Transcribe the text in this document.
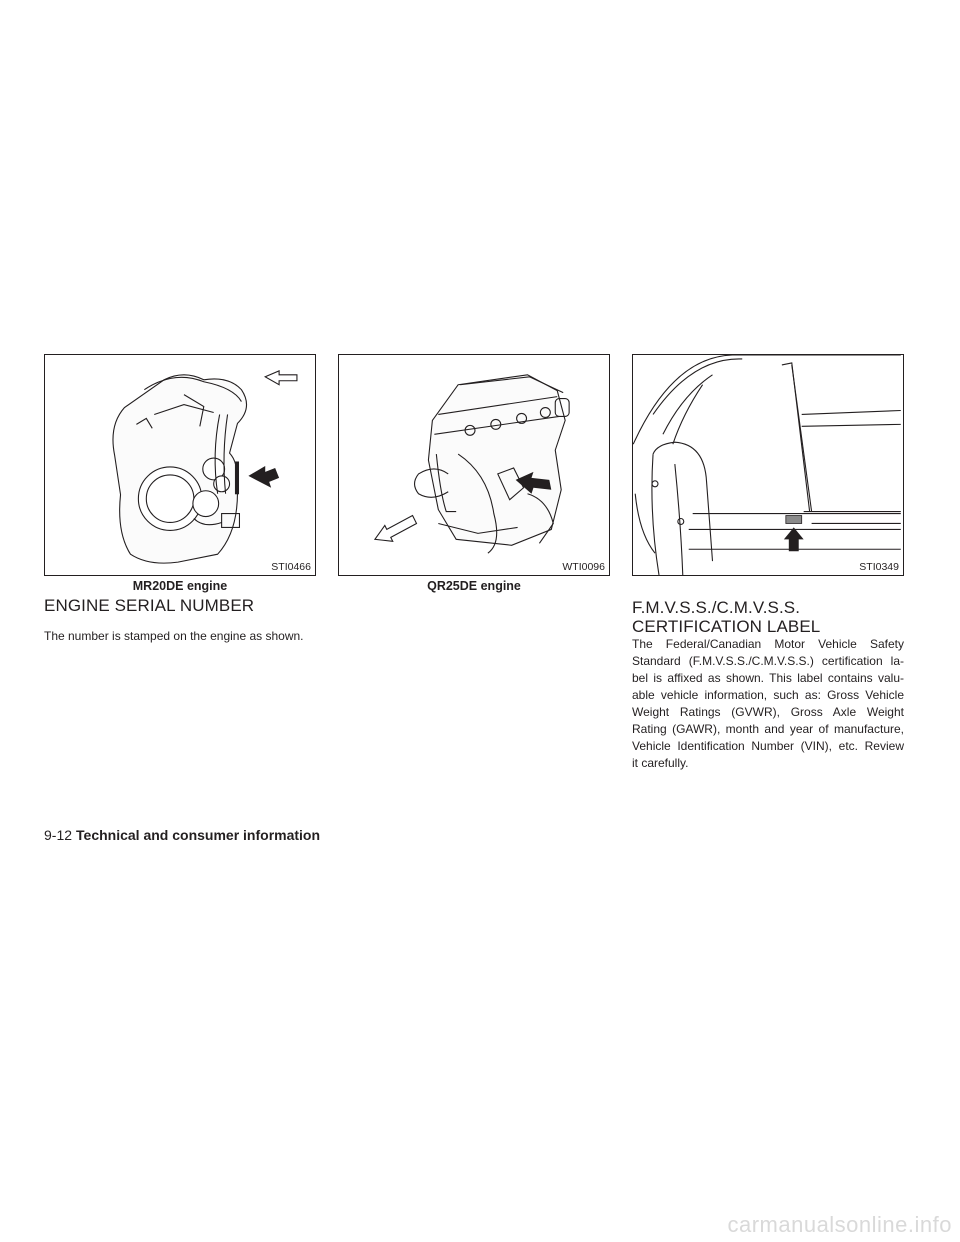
STI0466
MR20DE engine
WTI0096
QR25DE engine
STI0349
ENGINE SERIAL NUMBER

The number is stamped on the engine as shown.

F.M.V.S.S./C.M.V.S.S.
CERTIFICATION LABEL
The Federal/Canadian Motor Vehicle Safety
Standard (F.M.V.S.S./C.M.V.S.S.) certification la-
bel is affixed as shown. This label contains valu-
able vehicle information, such as: Gross Vehicle
Weight Ratings (GVWR), Gross Axle Weight
Rating (GAWR), month and year of manufacture,
Vehicle Identification Number (VIN), etc. Review
it carefully.
9-12 Technical and consumer information
carmanualsonline.info
